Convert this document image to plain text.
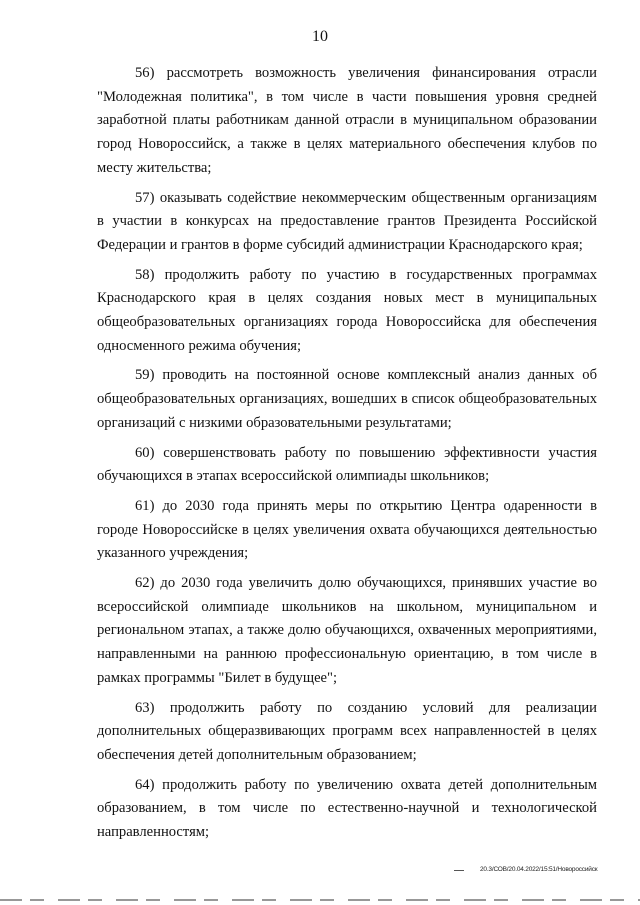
10

56) рассмотреть возможность увеличения финансирования отрасли "Молодежная политика", в том числе в части повышения уровня средней заработной платы работникам данной отрасли в муниципальном образовании город Новороссийск, а также в целях материального обеспечения клубов по месту жительства;

57) оказывать содействие некоммерческим общественным организациям в участии в конкурсах на предоставление грантов Президента Российской Федерации и грантов в форме субсидий администрации Краснодарского края;

58) продолжить работу по участию в государственных программах Краснодарского края в целях создания новых мест в муниципальных общеобразовательных организациях города Новороссийска для обеспечения односменного режима обучения;

59) проводить на постоянной основе комплексный анализ данных об общеобразовательных организациях, вошедших в список общеобразовательных организаций с низкими образовательными результатами;

60) совершенствовать работу по повышению эффективности участия обучающихся в этапах всероссийской олимпиады школьников;

61) до 2030 года принять меры по открытию Центра одаренности в городе Новороссийске в целях увеличения охвата обучающихся деятельностью указанного учреждения;

62) до 2030 года увеличить долю обучающихся, принявших участие во всероссийской олимпиаде школьников на школьном, муниципальном и региональном этапах, а также долю обучающихся, охваченных мероприятиями, направленными на раннюю профессиональную ориентацию, в том числе в рамках программы "Билет в будущее";

63) продолжить работу по созданию условий для реализации дополнительных общеразвивающих программ всех направленностей в целях обеспечения детей дополнительным образованием;

64) продолжить работу по увеличению охвата детей дополнительным образованием, в том числе по естественно-научной и технологической направленностям;

20.3/СОВ/20.04.2022/15:51/Новороссийск
